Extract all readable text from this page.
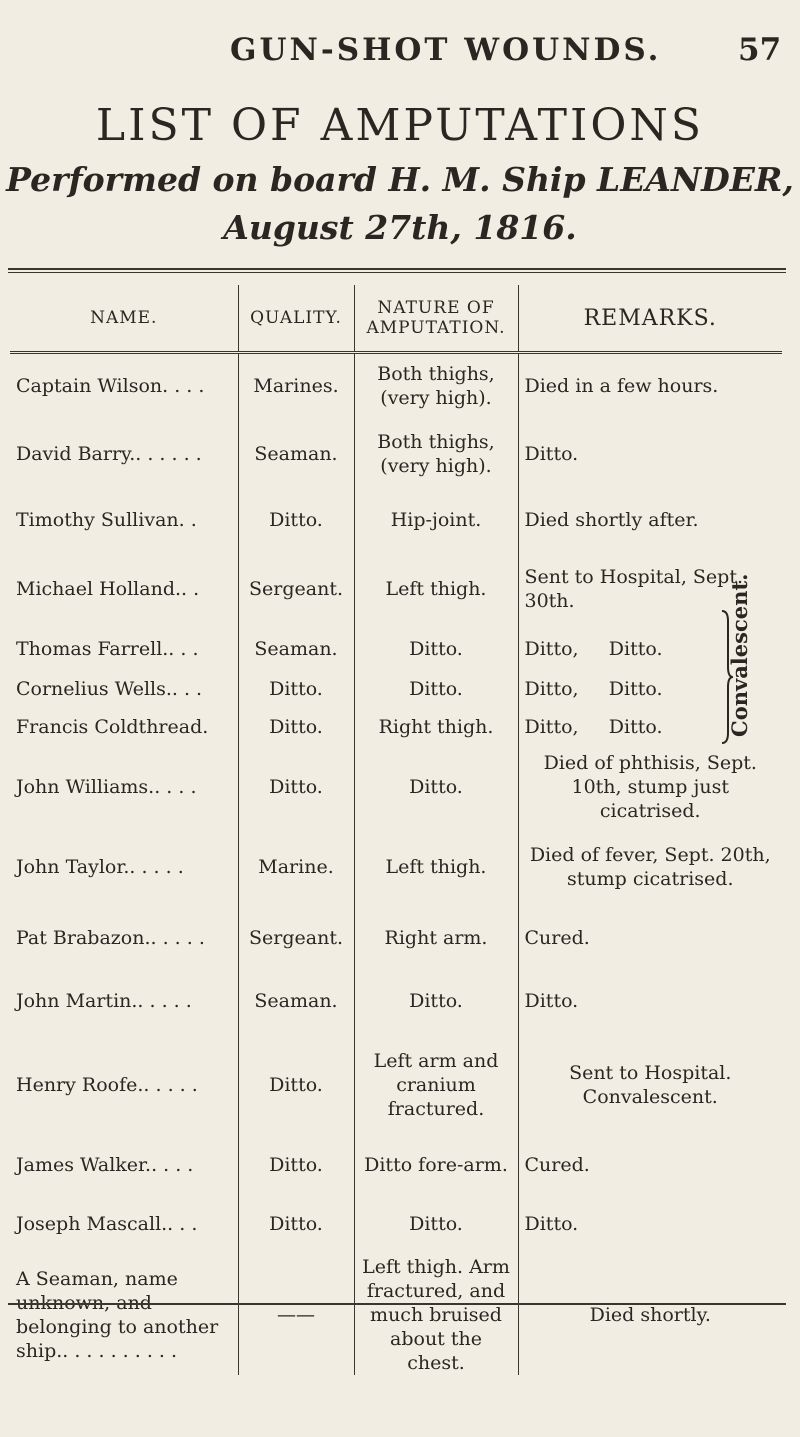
GUN-SHOT WOUNDS. 57
LIST OF AMPUTATIONS
Performed on board H. M. Ship LEANDER,
August 27th, 1816.
NAME.	QUALITY.	NATURE OF AMPUTATION.	REMARKS.
Captain Wilson. . . .	Marines.	Both thighs, (very high).	Died in a few hours.
David Barry.. . . . . .	Seaman.	Both thighs, (very high).	Ditto.
Timothy Sullivan. .	Ditto.	Hip-joint.	Died shortly after.
Michael Holland.. .	Sergeant.	Left thigh.	Sent to Hospital, Sept. 30th.
Thomas Farrell.. . .	Seaman.	Ditto.	Ditto,     Ditto.
Cornelius Wells.. . .	Ditto.	Ditto.	Ditto,     Ditto. Convalescent.

Francis Coldthread.	Ditto.	Right thigh.	Ditto,     Ditto.
John Williams.. . . .	Ditto.	Ditto.	Died of phthisis, Sept. 10th, stump just cicatrised.
John Taylor.. . . . .	Marine.	Left thigh.	Died of fever, Sept. 20th, stump cicatrised.
Pat Brabazon.. . . . .	Sergeant.	Right arm.	Cured.
John Martin.. . . . .	Seaman.	Ditto.	Ditto.
Henry Roofe.. . . . .	Ditto.	Left arm and cranium fractured.	Sent to Hospital. Convalescent.
James Walker.. . . .	Ditto.	Ditto fore-arm.	Cured.
Joseph Mascall.. . .	Ditto.	Ditto.	Ditto.
A Seaman, name unknown, and belonging to another ship.. . . . . . . . . .	——	Left thigh. Arm fractured, and much bruised about the chest.	Died shortly.
